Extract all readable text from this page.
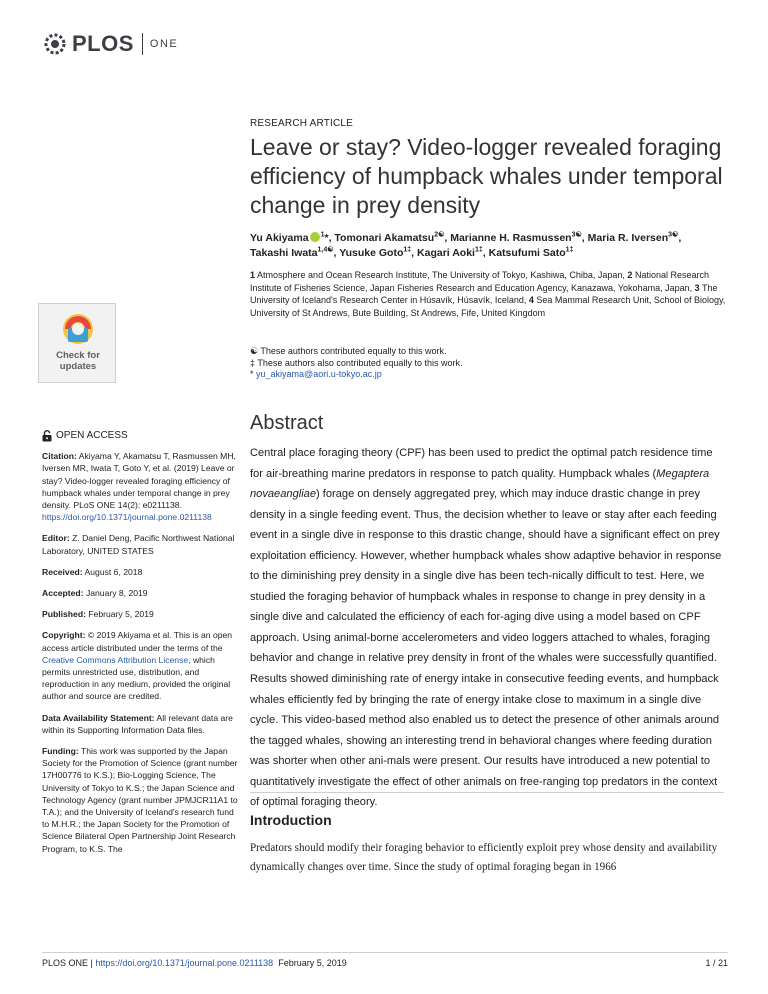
PLOS ONE
RESEARCH ARTICLE
Leave or stay? Video-logger revealed foraging efficiency of humpback whales under temporal change in prey density
Yu Akiyama $^1$*, Tomonari Akamatsu$^{2☯}$, Marianne H. Rasmussen$^{3☯}$, Maria R. Iversen$^{3☯}$,
Takashi Iwata$^{1,4☯}$, Yusuke Goto$^{1\ddagger}$, Kagari Aoki$^{1\ddagger}$, Katsufumi Sato$^{1\ddagger}$
1 Atmosphere and Ocean Research Institute, The University of Tokyo, Kashiwa, Chiba, Japan, 2 National Research Institute of Fisheries Science, Japan Fisheries Research and Education Agency, Kanazawa, Yokohama, Japan, 3 The University of Iceland's Research Center in Húsavík, Húsavík, Iceland, 4 Sea Mammal Research Unit, School of Biology, University of St Andrews, Bute Building, St Andrews, Fife, United Kingdom
☯ These authors contributed equally to this work.
‡ These authors also contributed equally to this work.
* yu_akiyama@aori.u-tokyo.ac.jp
Check for
updates
OPEN ACCESS
Citation: Akiyama Y, Akamatsu T, Rasmussen MH, Iversen MR, Iwata T, Goto Y, et al. (2019) Leave or stay? Video-logger revealed foraging efficiency of humpback whales under temporal change in prey density. PLoS ONE 14(2): e0211138. https://doi.org/10.1371/journal.pone.0211138
Editor: Z. Daniel Deng, Pacific Northwest National Laboratory, UNITED STATES
Received: August 6, 2018
Accepted: January 8, 2019
Published: February 5, 2019
Copyright: © 2019 Akiyama et al. This is an open access article distributed under the terms of the Creative Commons Attribution License, which permits unrestricted use, distribution, and reproduction in any medium, provided the original author and source are credited.
Data Availability Statement: All relevant data are within its Supporting Information Data files.
Funding: This work was supported by the Japan Society for the Promotion of Science (grant number 17H00776 to K.S.); Bio-Logging Science, The University of Tokyo to K.S.; the Japan Science and Technology Agency (grant number JPMJCR11A1 to T.A.); and the University of Iceland's research fund to M.H.R.; the Japan Society for the Promotion of Science Bilateral Open Partnership Joint Research Program, to K.S. The
Abstract

Central place foraging theory (CPF) has been used to predict the optimal patch residence time for air-breathing marine predators in response to patch quality. Humpback whales (Megaptera novaeangliae) forage on densely aggregated prey, which may induce drastic change in prey density in a single feeding event. Thus, the decision whether to leave or stay after each feeding event in a single dive in response to this drastic change, should have a significant effect on prey exploitation efficiency. However, whether humpback whales show adaptive behavior in response to the diminishing prey density in a single dive has been tech-nically difficult to test. Here, we studied the foraging behavior of humpback whales in response to change in prey density in a single dive and calculated the efficiency of each for-aging dive using a model based on CPF approach. Using animal-borne accelerometers and video loggers attached to whales, foraging behavior and change in relative prey density in front of the whales were successfully quantified. Results showed diminishing rate of energy intake in consecutive feeding events, and humpback whales efficiently fed by bringing the rate of energy intake close to maximum in a single dive cycle. This video-based method also enabled us to detect the presence of other animals around the tagged whales, showing an interesting trend in behavioral changes where feeding duration was shorter when other ani-mals were present. Our results have introduced a new potential to quantitatively investigate the effect of other animals on free-ranging top predators in the context of optimal foraging theory.

Introduction

Predators should modify their foraging behavior to efficiently exploit prey whose density and availability dynamically changes over time. Since the study of optimal foraging began in 1966

PLOS ONE | https://doi.org/10.1371/journal.pone.0211138 February 5, 2019	1 / 21
